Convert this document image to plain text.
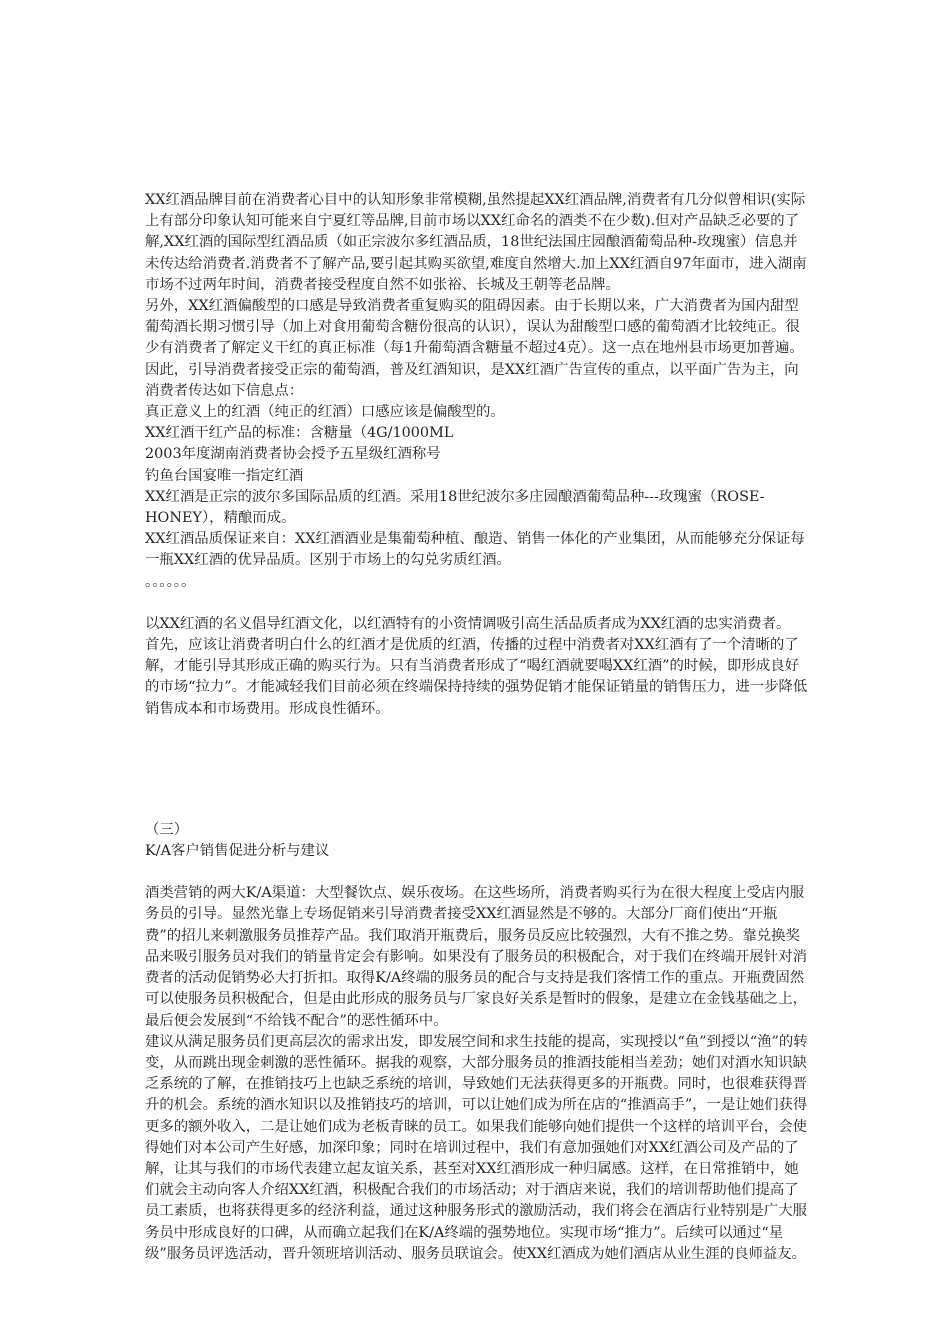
XX红酒品牌目前在消费者心目中的认知形象非常模糊,虽然提起XX红酒品牌,消费者有几分似曾相识(实际上有部分印象认知可能来自宁夏红等品牌,目前市场以XX红命名的酒类不在少数).但对产品缺乏必要的了解,XX红酒的国际型红酒品质（如正宗波尔多红酒品质，18世纪法国庄园酿酒葡萄品种-玫瑰蜜）信息并未传达给消费者.消费者不了解产品,要引起其购买欲望,难度自然增大.加上XX红酒自97年面市，进入湖南市场不过两年时间，消费者接受程度自然不如张裕、长城及王朝等老品牌。

另外，XX红酒偏酸型的口感是导致消费者重复购买的阻碍因素。由于长期以来，广大消费者为国内甜型葡萄酒长期习惯引导（加上对食用葡萄含糖份很高的认识），误认为甜酸型口感的葡萄酒才比较纯正。很少有消费者了解定义干红的真正标准（每1升葡萄酒含糖量不超过4克）。这一点在地州县市场更加普遍。

因此，引导消费者接受正宗的葡萄酒，普及红酒知识，是XX红酒广告宣传的重点，以平面广告为主，向消费者传达如下信息点：

真正意义上的红酒（纯正的红酒）口感应该是偏酸型的。

XX红酒干红产品的标准：含糖量（4G/1000ML

2003年度湖南消费者协会授予五星级红酒称号

钓鱼台国宴唯一指定红酒

XX红酒是正宗的波尔多国际品质的红酒。采用18世纪波尔多庄园酿酒葡萄品种---玫瑰蜜（ROSE-HONEY），精酿而成。

XX红酒品质保证来自：XX红酒酒业是集葡萄种植、酿造、销售一体化的产业集团，从而能够充分保证每一瓶XX红酒的优异品质。区别于市场上的勾兑劣质红酒。

。。。。。。

以XX红酒的名义倡导红酒文化，以红酒特有的小资情调吸引高生活品质者成为XX红酒的忠实消费者。

首先，应该让消费者明白什么的红酒才是优质的红酒，传播的过程中消费者对XX红酒有了一个清晰的了解，才能引导其形成正确的购买行为。只有当消费者形成了“喝红酒就要喝XX红酒”的时候，即形成良好的市场“拉力”。才能减轻我们目前必须在终端保持持续的强势促销才能保证销量的销售压力，进一步降低销售成本和市场费用。形成良性循环。

（三）

K/A客户销售促进分析与建议

酒类营销的两大K/A渠道：大型餐饮点、娱乐夜场。在这些场所，消费者购买行为在很大程度上受店内服务员的引导。显然光靠上专场促销来引导消费者接受XX红酒显然是不够的。大部分厂商们使出“开瓶费”的招儿来刺激服务员推荐产品。我们取消开瓶费后，服务员反应比较强烈，大有不推之势。靠兑换奖品来吸引服务员对我们的销量肯定会有影响。如果没有了服务员的积极配合，对于我们在终端开展针对消费者的活动促销势必大打折扣。取得K/A终端的服务员的配合与支持是我们客情工作的重点。开瓶费固然可以使服务员积极配合，但是由此形成的服务员与厂家良好关系是暂时的假象，是建立在金钱基础之上，最后便会发展到“不给钱不配合”的恶性循环中。

建议从满足服务员们更高层次的需求出发，即发展空间和求生技能的提高，实现授以“鱼”到授以“渔”的转变，从而跳出现金刺激的恶性循环。据我的观察，大部分服务员的推酒技能相当差劲；她们对酒水知识缺乏系统的了解，在推销技巧上也缺乏系统的培训，导致她们无法获得更多的开瓶费。同时，也很难获得晋升的机会。系统的酒水知识以及推销技巧的培训，可以让她们成为所在店的“推酒高手”，一是让她们获得更多的额外收入，二是让她们成为老板青睐的员工。如果我们能够向她们提供一个这样的培训平台，会使得她们对本公司产生好感，加深印象；同时在培训过程中，我们有意加强她们对XX红酒公司及产品的了解，让其与我们的市场代表建立起友谊关系，甚至对XX红酒形成一种归属感。这样，在日常推销中，她们就会主动向客人介绍XX红酒，积极配合我们的市场活动；对于酒店来说，我们的培训帮助他们提高了员工素质，也将获得更多的经济利益，通过这种服务形式的激励活动，我们将会在酒店行业特别是广大服务员中形成良好的口碑，从而确立起我们在K/A终端的强势地位。实现市场“推力”。后续可以通过“星级”服务员评选活动，晋升领班培训活动、服务员联谊会。使XX红酒成为她们酒店从业生涯的良师益友。
